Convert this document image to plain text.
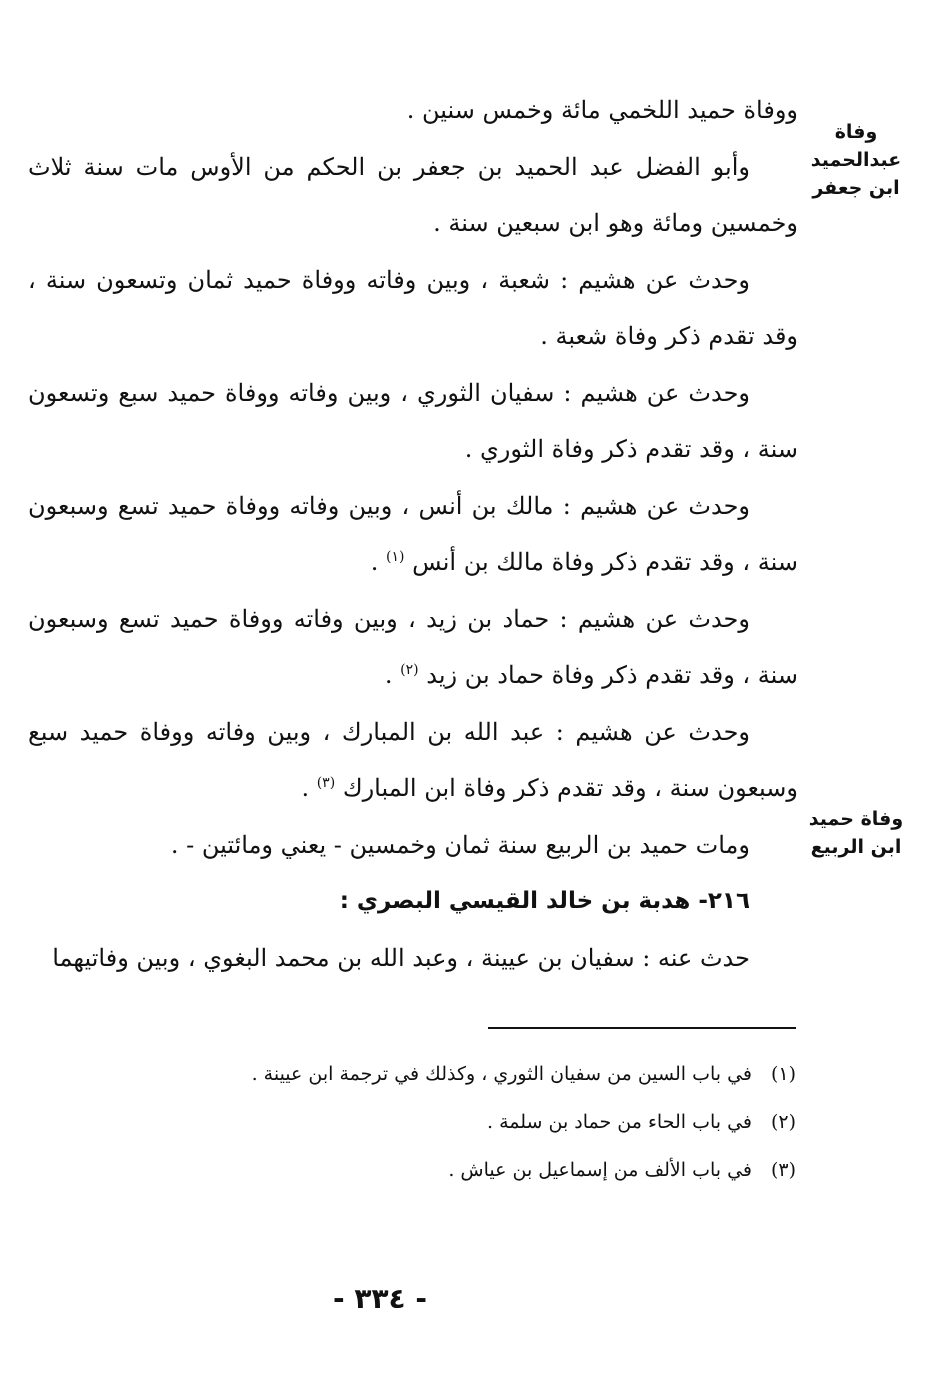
وفاة
عبدالحميد
ابن جعفر
وفاة حميد
ابن الربيع

ووفاة حميد اللخمي مائة وخمس سنين .

وأبو الفضل عبد الحميد بن جعفر بن الحكم من الأوس مات سنة ثلاث وخمسين ومائة وهو ابن سبعين سنة .

وحدث عن هشيم : شعبة ، وبين وفاته ووفاة حميد ثمان وتسعون سنة ، وقد تقدم ذكر وفاة شعبة .

وحدث عن هشيم : سفيان الثوري ، وبين وفاته ووفاة حميد سبع وتسعون سنة ، وقد تقدم ذكر وفاة الثوري .

وحدث عن هشيم : مالك بن أنس ، وبين وفاته ووفاة حميد تسع وسبعون سنة ، وقد تقدم ذكر وفاة مالك بن أنس $^{(١)}$ .

وحدث عن هشيم : حماد بن زيد ، وبين وفاته ووفاة حميد تسع وسبعون سنة ، وقد تقدم ذكر وفاة حماد بن زيد $^{(٢)}$ .

وحدث عن هشيم : عبد الله بن المبارك ، وبين وفاته ووفاة حميد سبع وسبعون سنة ، وقد تقدم ذكر وفاة ابن المبارك $^{(٣)}$ .

ومات حميد بن الربيع سنة ثمان وخمسين - يعني ومائتين - .

٢١٦- هدبة بن خالد القيسي البصري :

حدث عنه : سفيان بن عيينة ، وعبد الله بن محمد البغوي ، وبين وفاتيهما

(١)في باب السين من سفيان الثوري ، وكذلك في ترجمة ابن عيينة .
(٢)في باب الحاء من حماد بن سلمة .
(٣)في باب الألف من إسماعيل بن عياش .
- ٣٣٤ -
